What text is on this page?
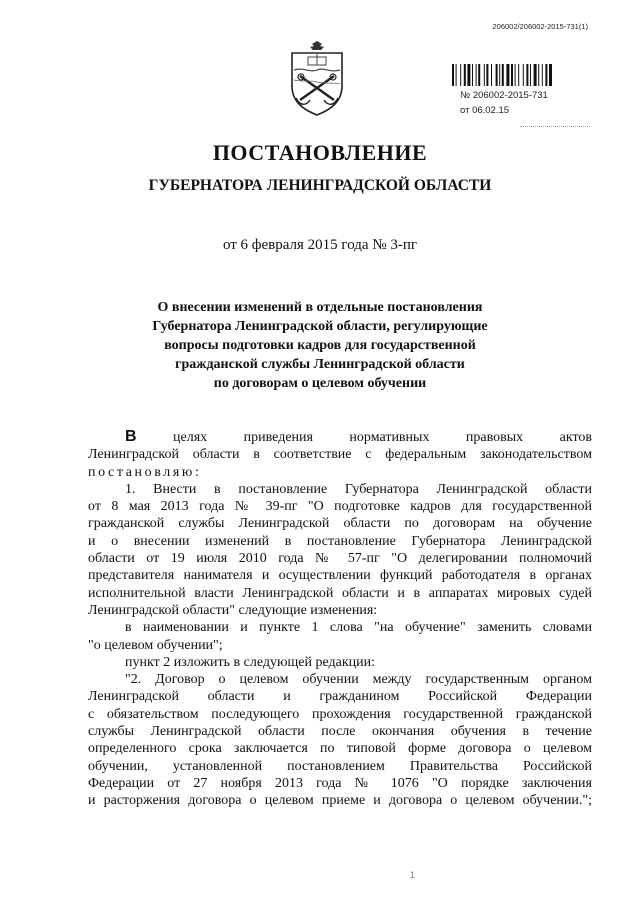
206002/206002-2015-731(1)
№ 206002-2015-731
от 06.02.15
ПОСТАНОВЛЕНИЕ
ГУБЕРНАТОРА ЛЕНИНГРАДСКОЙ ОБЛАСТИ
от 6 февраля 2015 года № 3-пг
О внесении изменений в отдельные постановления
Губернатора Ленинградской области, регулирующие
вопросы подготовки кадров для государственной
гражданской службы Ленинградской области
по договорам о целевом обучении
В	целях приведения нормативных правовых актов
Ленинградской области в соответствие с федеральным законодательством
постановляю:
1. Внести в постановление Губернатора Ленинградской области
от 8 мая 2013 года № 39-пг "О подготовке кадров для государственной
гражданской службы Ленинградской области по договорам на обучение
и о внесении изменений в постановление Губернатора Ленинградской
области от 19 июля 2010 года № 57-пг "О делегировании полномочий
представителя нанимателя и осуществлении функций работодателя в органах
исполнительной власти Ленинградской области и в аппаратах мировых судей
Ленинградской области" следующие изменения:
в наименовании и пункте 1 слова "на обучение" заменить словами
"о целевом обучении";
пункт 2 изложить в следующей редакции:
"2. Договор о целевом обучении между государственным органом
Ленинградской области и гражданином Российской Федерации
с обязательством последующего прохождения государственной гражданской
службы Ленинградской области после окончания обучения в течение
определенного срока заключается по типовой форме договора о целевом
обучении, установленной постановлением Правительства Российской
Федерации от 27 ноября 2013 года № 1076 "О порядке заключения
и расторжения договора о целевом приеме и договора о целевом обучении.";
1
